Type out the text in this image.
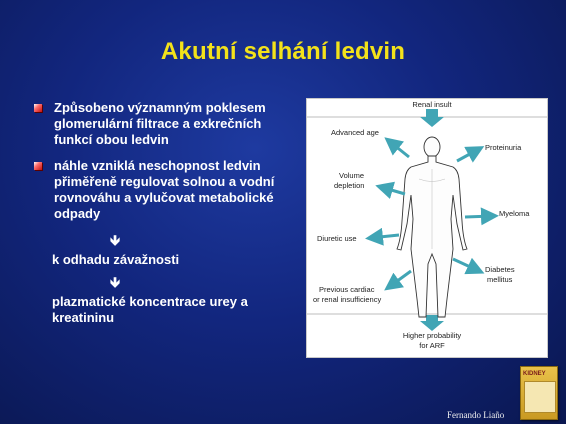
Akutní selhání ledvin
Způsobeno významným poklesem glomerulární filtrace a exkrečních funkcí obou ledvin
náhle vzniklá neschopnost ledvin přiměřeně regulovat solnou a vodní rovnováhu a vylučovat metabolické odpady
🡻
k odhadu závažnosti
🡻
plazmatické koncentrace urey a kreatininu
Renal insult
Advanced age
Proteinuria
Volume
depletion
Myeloma
Diuretic use
Diabetes
mellitus
Previous cardiac
or renal insufficiency
Higher probability
for ARF
KIDNEY
Fernando Liaño
